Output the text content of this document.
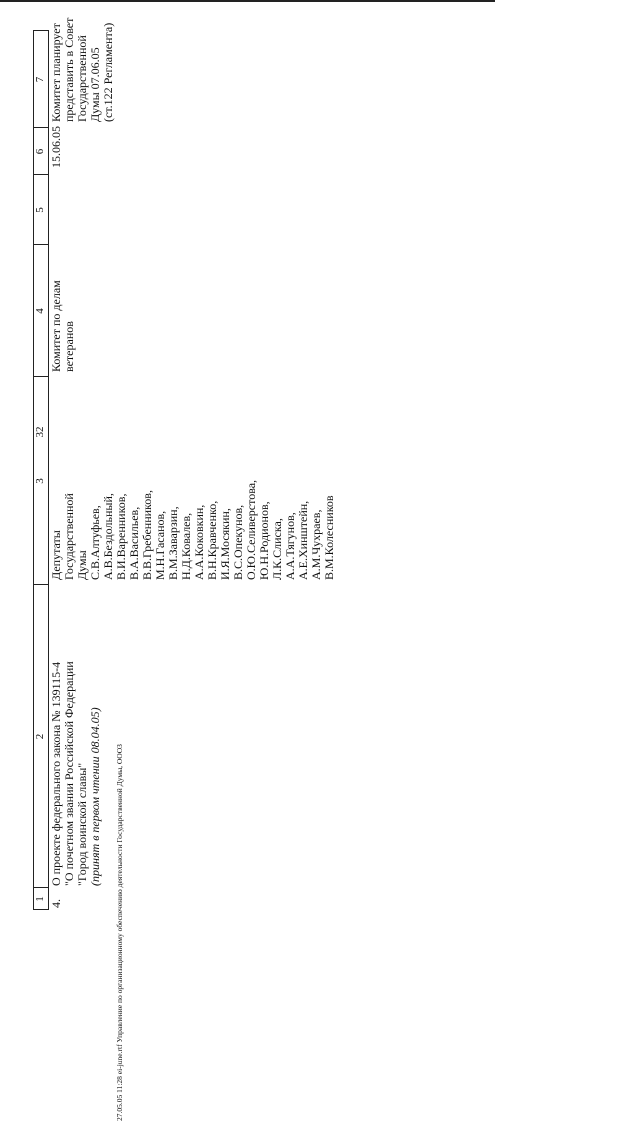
32
27.05.05 11:28 ei-june.rtf Управление по организационному обеспечению деятельности Государственной Думы, ООО3
1
2
3
4
5
6
7
4.
О проекте федерального закона № 139115-4 "О почетном звании Российской Федерации "Город воинской славы" (принят в первом чтении 08.04.05)
Депутаты Государственной Думы С.В.Алтуфьев, А.В.Бездольный, В.И.Варенников, В.А.Васильев, В.В.Гребенников, М.Н.Гасанов, В.М.Заварзин, Н.Д.Ковалев, А.А.Коковкин, В.Н.Кравченко, И.Я.Мосякин, В.С.Опекунов, О.Ю.Селиверстова, Ю.Н.Родионов, Л.К.Слиска, А.А.Тягунов, А.Е.Хинштейн, А.М.Чухраев, В.М.Колесников
Комитет по делам ветеранов
15.06.05
Комитет планирует представить в Совет Государственной Думы 07.06.05 (ст.122 Регламента)
